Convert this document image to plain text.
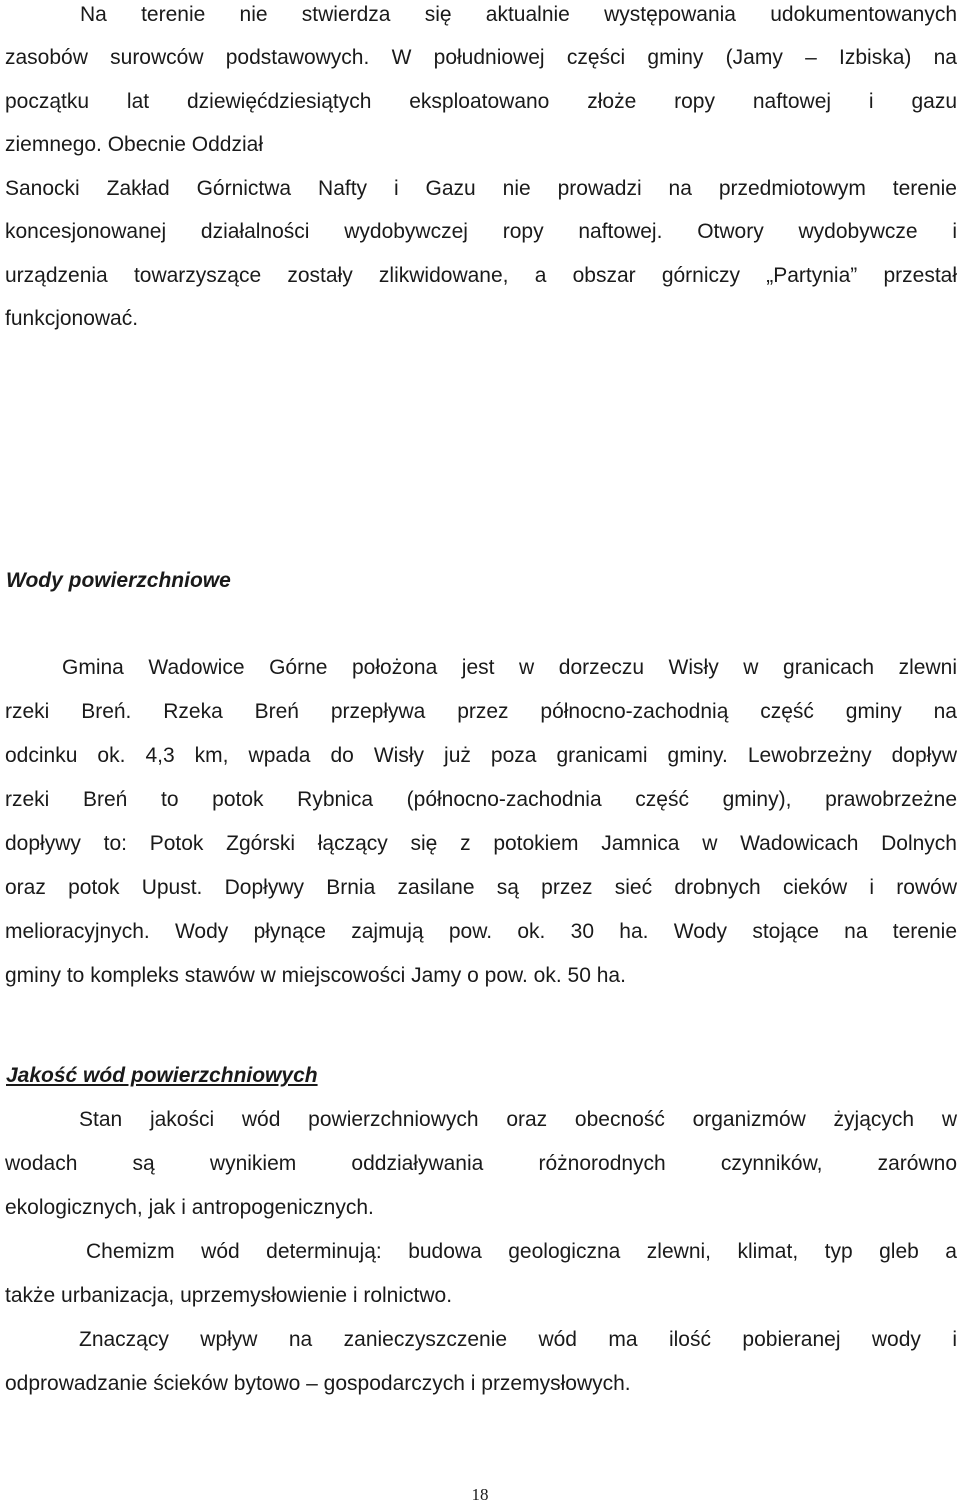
Na terenie nie stwierdza się aktualnie występowania udokumentowanych
zasobów surowców podstawowych. W południowej części gminy (Jamy – Izbiska) na
początku lat dziewięćdziesiątych eksploatowano złoże ropy naftowej i gazu
ziemnego. Obecnie Oddział
Sanocki Zakład Górnictwa Nafty i Gazu nie prowadzi na przedmiotowym terenie
koncesjonowanej działalności wydobywczej ropy naftowej. Otwory wydobywcze i
urządzenia towarzyszące zostały zlikwidowane, a obszar górniczy „Partynia” przestał
funkcjonować.
Wody powierzchniowe
Gmina Wadowice Górne położona jest w dorzeczu Wisły w granicach zlewni
rzeki Breń. Rzeka Breń przepływa przez północno-zachodnią część gminy na
odcinku ok. 4,3 km, wpada do Wisły już poza granicami gminy. Lewobrzeżny dopływ
rzeki Breń to potok Rybnica (północno-zachodnia część gminy), prawobrzeżne
dopływy to: Potok Zgórski łączący się z potokiem Jamnica w Wadowicach Dolnych
oraz potok Upust. Dopływy Brnia zasilane są przez sieć drobnych cieków i rowów
melioracyjnych. Wody płynące zajmują pow. ok. 30 ha. Wody stojące na terenie
gminy to kompleks stawów w miejscowości Jamy o pow. ok. 50 ha.
Jakość wód powierzchniowych
Stan jakości wód powierzchniowych oraz obecność organizmów żyjących w
wodach są wynikiem oddziaływania różnorodnych czynników, zarówno
ekologicznych, jak i antropogenicznych.
Chemizm wód determinują: budowa geologiczna zlewni, klimat, typ gleb a
także urbanizacja, uprzemysłowienie i rolnictwo.
Znaczący wpływ na zanieczyszczenie wód ma ilość pobieranej wody i
odprowadzanie ścieków bytowo – gospodarczych i przemysłowych.
18
